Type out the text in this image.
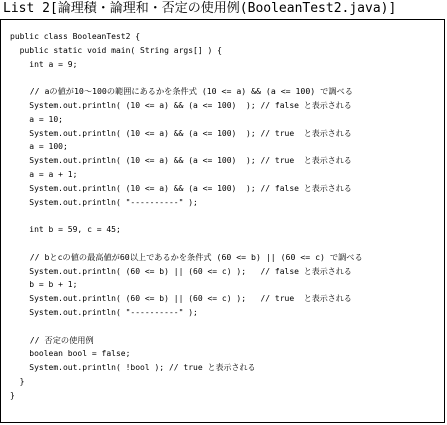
List 2[論理積・論理和・否定の使用例(BooleanTest2.java)]
public class BooleanTest2 {
public static void main( String args[] ) {
int a = 9;
// aの値が10～100の範囲にあるかを条件式 (10 <= a) && (a <= 100) で調べる
System.out.println( (10 <= a) && (a <= 100)  ); // false と表示される
a = 10;
System.out.println( (10 <= a) && (a <= 100)  ); // true  と表示される
a = 100;
System.out.println( (10 <= a) && (a <= 100)  ); // true  と表示される
a = a + 1;
System.out.println( (10 <= a) && (a <= 100)  ); // false と表示される
System.out.println( "----------" );
int b = 59, c = 45;
// bとcの値の最高値が60以上であるかを条件式 (60 <= b) || (60 <= c) で調べる
System.out.println( (60 <= b) || (60 <= c) );   // false と表示される
b = b + 1;
System.out.println( (60 <= b) || (60 <= c) );   // true  と表示される
System.out.println( "----------" );
// 否定の使用例
boolean bool = false;
System.out.println( !bool ); // true と表示される
}
}
